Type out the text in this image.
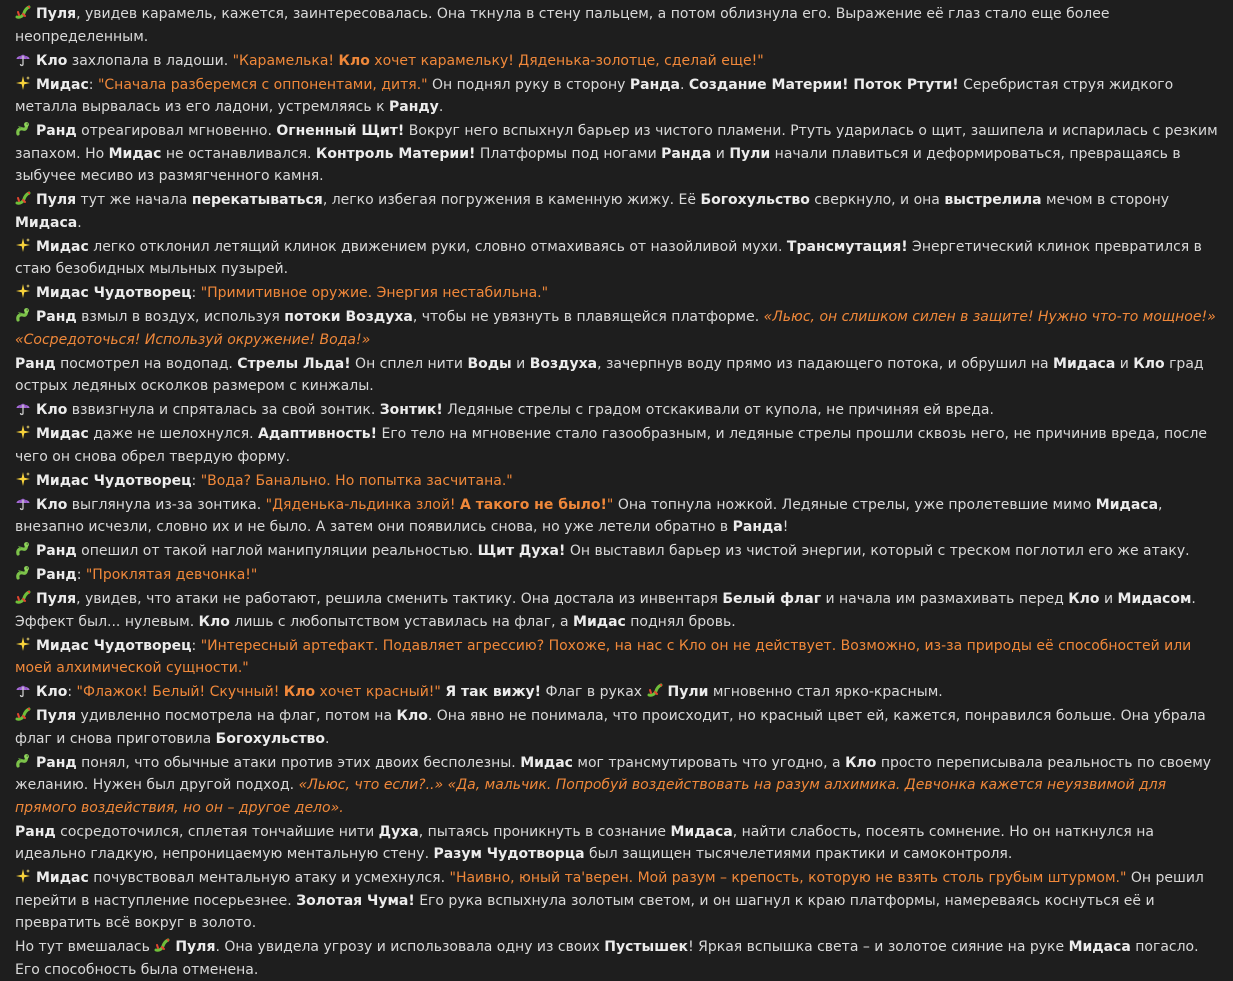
Пуля, увидев карамель, кажется, заинтересовалась. Она ткнула в стену пальцем, а потом облизнула его. Выражение её глаз стало еще более неопределенным.
Кло захлопала в ладоши. "Карамелька! Кло хочет карамельку! Дяденька-золотце, сделай еще!"
Мидас: "Сначала разберемся с оппонентами, дитя." Он поднял руку в сторону Ранда. Создание Материи! Поток Ртути! Серебристая струя жидкого металла вырвалась из его ладони, устремляясь к Ранду.
Ранд отреагировал мгновенно. Огненный Щит! Вокруг него вспыхнул барьер из чистого пламени. Ртуть ударилась о щит, зашипела и испарилась с резким запахом. Но Мидас не останавливался. Контроль Материи! Платформы под ногами Ранда и Пули начали плавиться и деформироваться, превращаясь в зыбучее месиво из размягченного камня.
Пуля тут же начала перекатываться, легко избегая погружения в каменную жижу. Её Богохульство сверкнуло, и она выстрелила мечом в сторону Мидаса.
Мидас легко отклонил летящий клинок движением руки, словно отмахиваясь от назойливой мухи. Трансмутация! Энергетический клинок превратился в стаю безобидных мыльных пузырей.
Мидас Чудотворец: "Примитивное оружие. Энергия нестабильна."
Ранд взмыл в воздух, используя потоки Воздуха, чтобы не увязнуть в плавящейся платформе. «Льюс, он слишком силен в защите! Нужно что-то мощное!» «Сосредоточься! Используй окружение! Вода!»
Ранд посмотрел на водопад. Стрелы Льда! Он сплел нити Воды и Воздуха, зачерпнув воду прямо из падающего потока, и обрушил на Мидаса и Кло град острых ледяных осколков размером с кинжалы.
Кло взвизгнула и спряталась за свой зонтик. Зонтик! Ледяные стрелы с градом отскакивали от купола, не причиняя ей вреда.
Мидас даже не шелохнулся. Адаптивность! Его тело на мгновение стало газообразным, и ледяные стрелы прошли сквозь него, не причинив вреда, после чего он снова обрел твердую форму.
Мидас Чудотворец: "Вода? Банально. Но попытка засчитана."
Кло выглянула из-за зонтика. "Дяденька-льдинка злой! А такого не было!" Она топнула ножкой. Ледяные стрелы, уже пролетевшие мимо Мидаса, внезапно исчезли, словно их и не было. А затем они появились снова, но уже летели обратно в Ранда!
Ранд опешил от такой наглой манипуляции реальностью. Щит Духа! Он выставил барьер из чистой энергии, который с треском поглотил его же атаку.
Ранд: "Проклятая девчонка!"
Пуля, увидев, что атаки не работают, решила сменить тактику. Она достала из инвентаря Белый флаг и начала им размахивать перед Кло и Мидасом. Эффект был... нулевым. Кло лишь с любопытством уставилась на флаг, а Мидас поднял бровь.
Мидас Чудотворец: "Интересный артефакт. Подавляет агрессию? Похоже, на нас с Кло он не действует. Возможно, из-за природы её способностей или моей алхимической сущности."
Кло: "Флажок! Белый! Скучный! Кло хочет красный!" Я так вижу! Флаг в руках Пули мгновенно стал ярко-красным.
Пуля удивленно посмотрела на флаг, потом на Кло. Она явно не понимала, что происходит, но красный цвет ей, кажется, понравился больше. Она убрала флаг и снова приготовила Богохульство.
Ранд понял, что обычные атаки против этих двоих бесполезны. Мидас мог трансмутировать что угодно, а Кло просто переписывала реальность по своему желанию. Нужен был другой подход. «Льюс, что если?..» «Да, мальчик. Попробуй воздействовать на разум алхимика. Девчонка кажется неуязвимой для прямого воздействия, но он – другое дело».
Ранд сосредоточился, сплетая тончайшие нити Духа, пытаясь проникнуть в сознание Мидаса, найти слабость, посеять сомнение. Но он наткнулся на идеально гладкую, непроницаемую ментальную стену. Разум Чудотворца был защищен тысячелетиями практики и самоконтроля.
Мидас почувствовал ментальную атаку и усмехнулся. "Наивно, юный та'верен. Мой разум – крепость, которую не взять столь грубым штурмом." Он решил перейти в наступление посерьезнее. Золотая Чума! Его рука вспыхнула золотым светом, и он шагнул к краю платформы, намереваясь коснуться её и превратить всё вокруг в золото.
Но тут вмешалась Пуля. Она увидела угрозу и использовала одну из своих Пустышек! Яркая вспышка света – и золотое сияние на руке Мидаса погасло. Его способность была отменена.
